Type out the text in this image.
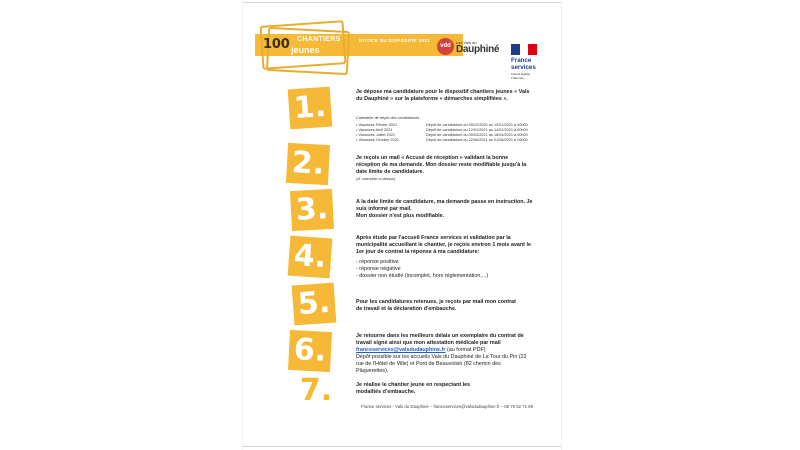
100 CHANTIERS
jeunes
NOTICE DU DISPOSITIF 2021
vdd
Les Vals du
Dauphiné
France services
Liberté Égalité Fraternité
1.
2.
3.
4.
5.
6.
7.
Je dépose ma candidature pour le dispositif chantiers jeunes « Vals du Dauphiné » sur la plateforme « démarches simplifiées ».
Calendrier de dépôt des candidatures :
• Vacances Février 2021	Dépôt de candidature du 09/12/2020 au 10/01/2021 à 00h00
• Vacances Avril 2021	Dépôt de candidature du 12/01/2021 au 14/02/2021 à 00h00
• Vacances Juillet 2021	Dépôt de candidature du 09/03/2021 au 18/04/2021 à 00h00
• Vacances Octobre 2021	Dépôt de candidature du 22/06/2021 au 01/08/2021 à 00h00
Je reçois un mail « Accusé de réception » validant la bonne réception de ma demande. Mon dossier reste modifiable jusqu'à la date limite de candidature.
(cf. calendrier ci-dessus)
A la date limite de candidature, ma demande passe en instruction. Je suis informé par mail.
Mon dossier n'est plus modifiable.
Après étude par l'accueil France services et validation par la municipalité accueillant le chantier, je reçois environ 1 mois avant le 1er jour de contrat la réponse à ma candidature:
- réponse positive
- réponse négative
- dossier non étudié (incomplet, hors réglementation,...)
Pour les candidatures retenues, je reçois par mail mon contrat de travail et la déclaration d'embauche.
Je retourne dans les meilleurs délais un exemplaire du contrat de travail signé ainsi que mon attestation médicale par mail franceservices@valsdudauphine.fr (au format PDF)
Dépôt possible sur les accueils Vals du Dauphiné de La Tour du Pin (22 rue de l'Hôtel de Ville) et Pont de Beauvoisin (82 chemin des Pâquerettes).
Je réalise le chantier jeune en respectant les modalités d'embauche.
France services - Vals du Dauphiné – franceservices@valsdudauphine.fr – 06 76 52 71 99
